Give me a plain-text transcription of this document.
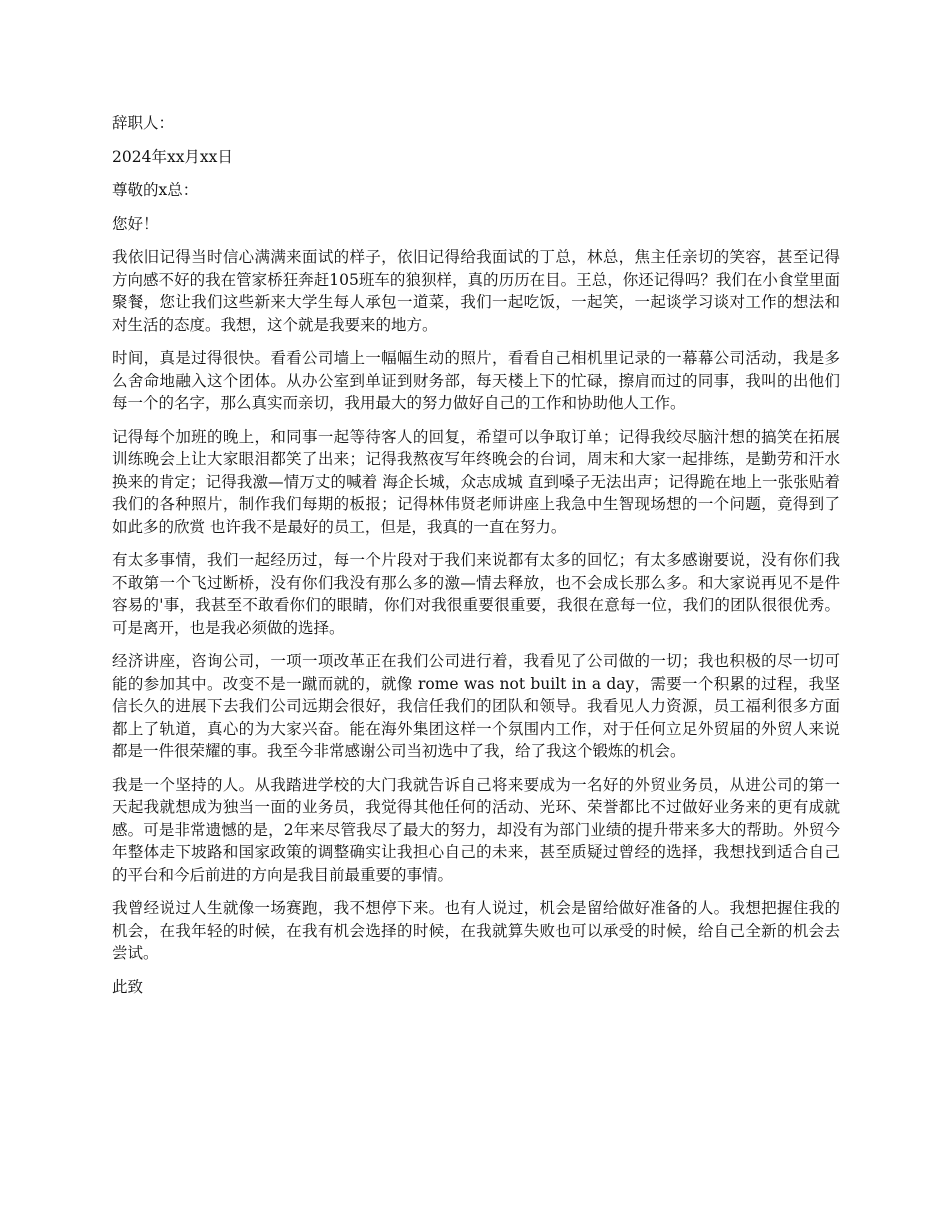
辞职人：
2024年xx月xx日
尊敬的x总：
您好！
我依旧记得当时信心满满来面试的样子，依旧记得给我面试的丁总，林总，焦主任亲切的笑容，甚至记得方向感不好的我在管家桥狂奔赶105班车的狼狈样，真的历历在目。王总，你还记得吗？我们在小食堂里面聚餐，您让我们这些新来大学生每人承包一道菜，我们一起吃饭，一起笑，一起谈学习谈对工作的想法和对生活的态度。我想，这个就是我要来的地方。
时间，真是过得很快。看看公司墙上一幅幅生动的照片，看看自己相机里记录的一幕幕公司活动，我是多么舍命地融入这个团体。从办公室到单证到财务部，每天楼上下的忙碌，擦肩而过的同事，我叫的出他们每一个的名字，那么真实而亲切，我用最大的努力做好自己的工作和协助他人工作。
记得每个加班的晚上，和同事一起等待客人的回复，希望可以争取订单；记得我绞尽脑汁想的搞笑在拓展训练晚会上让大家眼泪都笑了出来；记得我熬夜写年终晚会的台词，周末和大家一起排练，是勤劳和汗水换来的肯定；记得我激—情万丈的喊着 海企长城，众志成城 直到嗓子无法出声；记得跪在地上一张张贴着我们的各种照片，制作我们每期的板报；记得林伟贤老师讲座上我急中生智现场想的一个问题，竟得到了如此多的欣赏 也许我不是最好的员工，但是，我真的一直在努力。
有太多事情，我们一起经历过，每一个片段对于我们来说都有太多的回忆；有太多感谢要说，没有你们我不敢第一个飞过断桥，没有你们我没有那么多的激—情去释放，也不会成长那么多。和大家说再见不是件容易的'事，我甚至不敢看你们的眼睛，你们对我很重要很重要，我很在意每一位，我们的团队很很优秀。可是离开，也是我必须做的选择。
经济讲座，咨询公司，一项一项改革正在我们公司进行着，我看见了公司做的一切；我也积极的尽一切可能的参加其中。改变不是一蹴而就的，就像 rome was not built in a day，需要一个积累的过程，我坚信长久的进展下去我们公司远期会很好，我信任我们的团队和领导。我看见人力资源，员工福利很多方面都上了轨道，真心的为大家兴奋。能在海外集团这样一个氛围内工作，对于任何立足外贸届的外贸人来说都是一件很荣耀的事。我至今非常感谢公司当初选中了我，给了我这个锻炼的机会。
我是一个坚持的人。从我踏进学校的大门我就告诉自己将来要成为一名好的外贸业务员，从进公司的第一天起我就想成为独当一面的业务员，我觉得其他任何的活动、光环、荣誉都比不过做好业务来的更有成就感。可是非常遗憾的是，2年来尽管我尽了最大的努力，却没有为部门业绩的提升带来多大的帮助。外贸今年整体走下坡路和国家政策的调整确实让我担心自己的未来，甚至质疑过曾经的选择，我想找到适合自己的平台和今后前进的方向是我目前最重要的事情。
我曾经说过人生就像一场赛跑，我不想停下来。也有人说过，机会是留给做好准备的人。我想把握住我的机会，在我年轻的时候，在我有机会选择的时候，在我就算失败也可以承受的时候，给自己全新的机会去尝试。
此致
